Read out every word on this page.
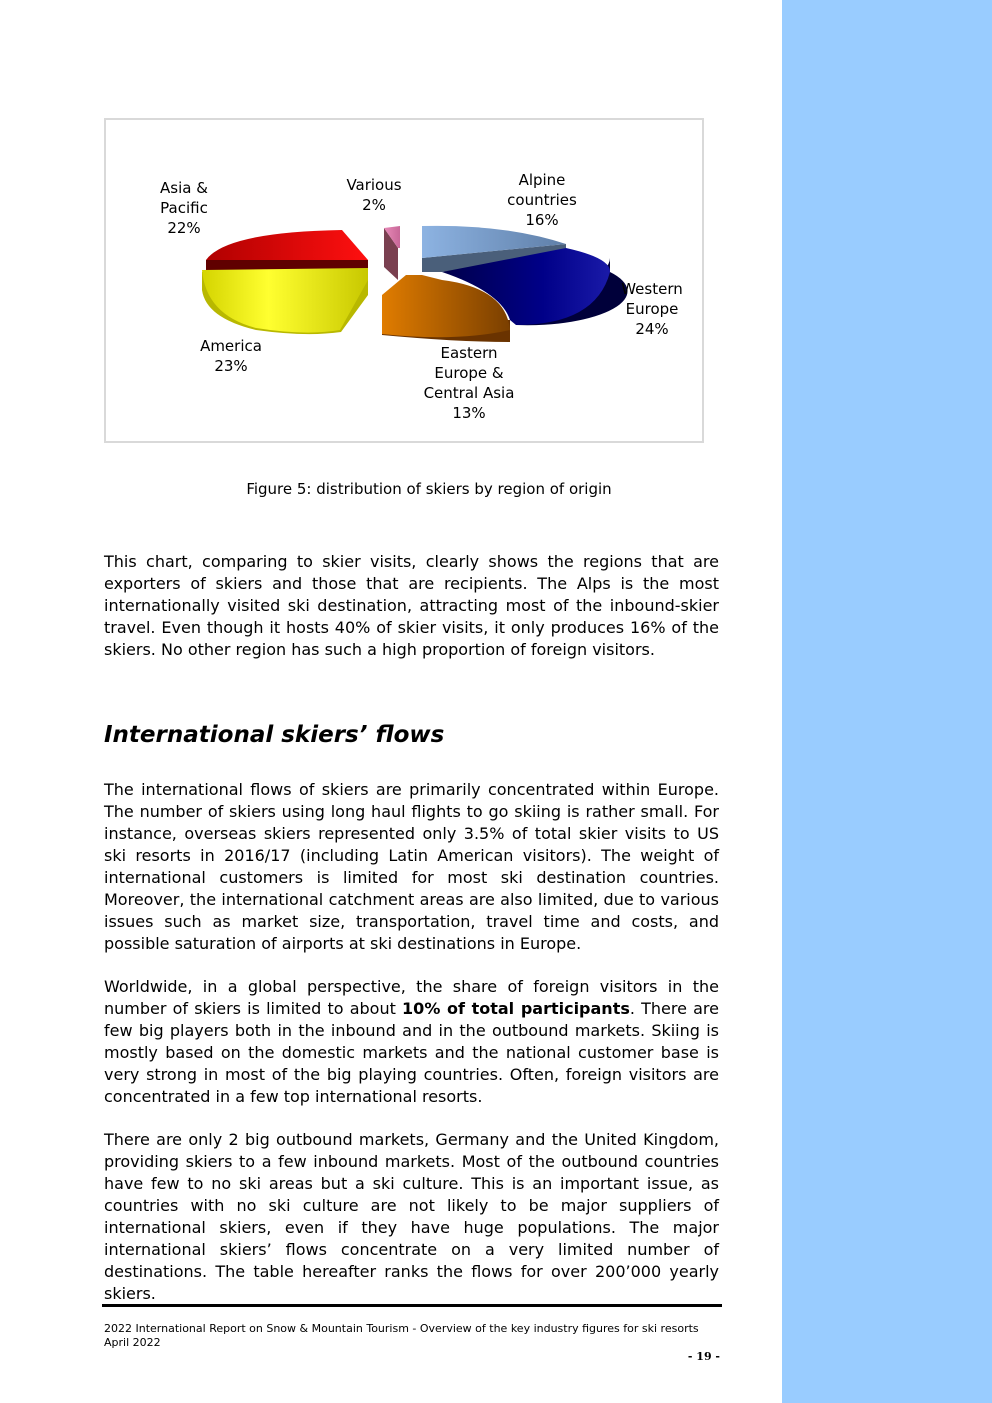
Asia &
Pacific
22%
Various
2%
Alpine
countries
16%
Western
Europe
24%
Eastern
Europe &
Central Asia
13%
America
23%
Figure 5: distribution of skiers by region of origin

This chart, comparing to skier visits, clearly shows the regions that are exporters of skiers and those that are recipients. The Alps is the most internationally visited ski destination, attracting most of the inbound-skier travel. Even though it hosts 40% of skier visits, it only produces 16% of the skiers. No other region has such a high proportion of foreign visitors.

International skiers’ flows

The international flows of skiers are primarily concentrated within Europe. The number of skiers using long haul flights to go skiing is rather small. For instance, overseas skiers represented only 3.5% of total skier visits to US ski resorts in 2016/17 (including Latin American visitors). The weight of international customers is limited for most ski destination countries. Moreover, the international catchment areas are also limited, due to various issues such as market size, transportation, travel time and costs, and possible saturation of airports at ski destinations in Europe.

Worldwide, in a global perspective, the share of foreign visitors in the number of skiers is limited to about 10% of total participants. There are few big players both in the inbound and in the outbound markets. Skiing is mostly based on the domestic markets and the national customer base is very strong in most of the big playing countries. Often, foreign visitors are concentrated in a few top international resorts.

There are only 2 big outbound markets, Germany and the United Kingdom, providing skiers to a few inbound markets. Most of the outbound countries have few to no ski areas but a ski culture. This is an important issue, as countries with no ski culture are not likely to be major suppliers of international skiers, even if they have huge populations. The major international skiers’ flows concentrate on a very limited number of destinations. The table hereafter ranks the flows for over 200’000 yearly skiers.

2022 International Report on Snow & Mountain Tourism - Overview of the key industry figures for ski resorts
April 2022
- 19 -
